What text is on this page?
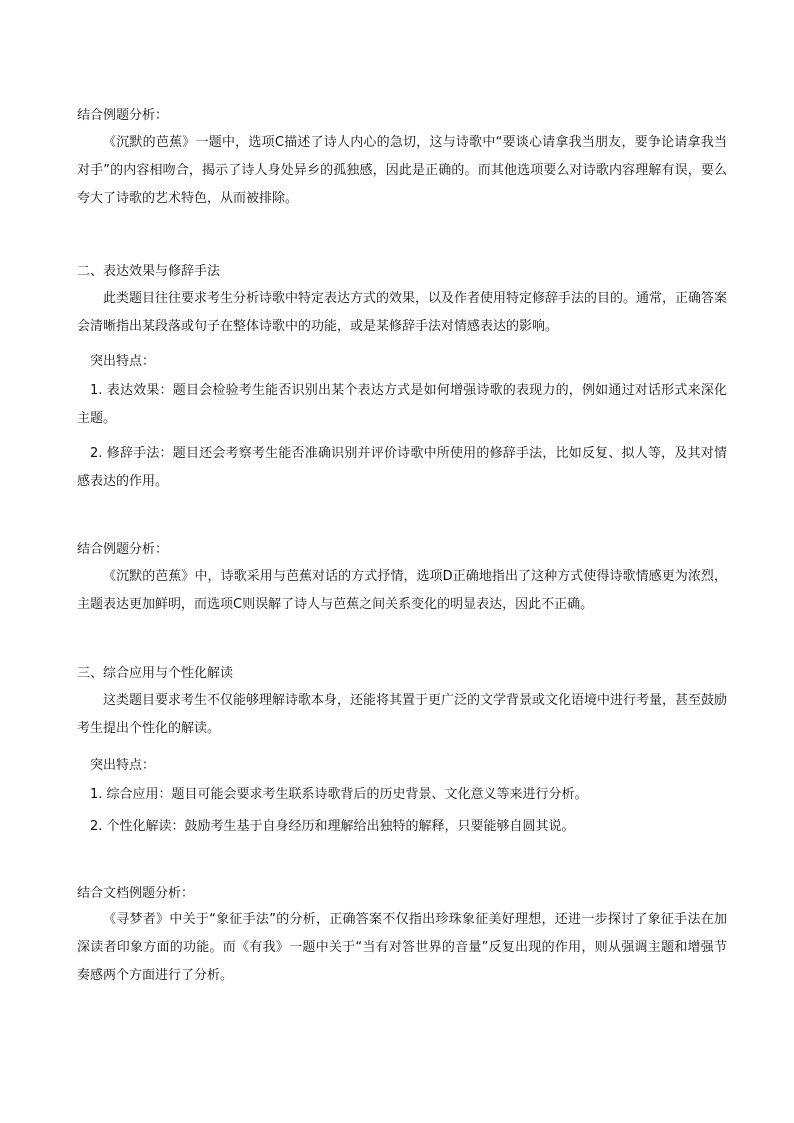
结合例题分析：
《沉默的芭蕉》一题中，选项C描述了诗人内心的急切，这与诗歌中“要谈心请拿我当朋友，要争论请拿我当对手”的内容相吻合，揭示了诗人身处异乡的孤独感，因此是正确的。而其他选项要么对诗歌内容理解有误，要么夸大了诗歌的艺术特色，从而被排除。
二、表达效果与修辞手法
此类题目往往要求考生分析诗歌中特定表达方式的效果，以及作者使用特定修辞手法的目的。通常，正确答案会清晰指出某段落或句子在整体诗歌中的功能，或是某修辞手法对情感表达的影响。
突出特点：
1. 表达效果：题目会检验考生能否识别出某个表达方式是如何增强诗歌的表现力的，例如通过对话形式来深化主题。
2. 修辞手法：题目还会考察考生能否准确识别并评价诗歌中所使用的修辞手法，比如反复、拟人等，及其对情感表达的作用。
结合例题分析：
《沉默的芭蕉》中，诗歌采用与芭蕉对话的方式抒情，选项D正确地指出了这种方式使得诗歌情感更为浓烈，主题表达更加鲜明，而选项C则误解了诗人与芭蕉之间关系变化的明显表达，因此不正确。
三、综合应用与个性化解读
这类题目要求考生不仅能够理解诗歌本身，还能将其置于更广泛的文学背景或文化语境中进行考量，甚至鼓励考生提出个性化的解读。
突出特点：
1. 综合应用：题目可能会要求考生联系诗歌背后的历史背景、文化意义等来进行分析。
2. 个性化解读：鼓励考生基于自身经历和理解给出独特的解释，只要能够自圆其说。
结合文档例题分析：
《寻梦者》中关于“象征手法”的分析，正确答案不仅指出珍珠象征美好理想，还进一步探讨了象征手法在加深读者印象方面的功能。而《有我》一题中关于“当有对答世界的音量”反复出现的作用，则从强调主题和增强节奏感两个方面进行了分析。
